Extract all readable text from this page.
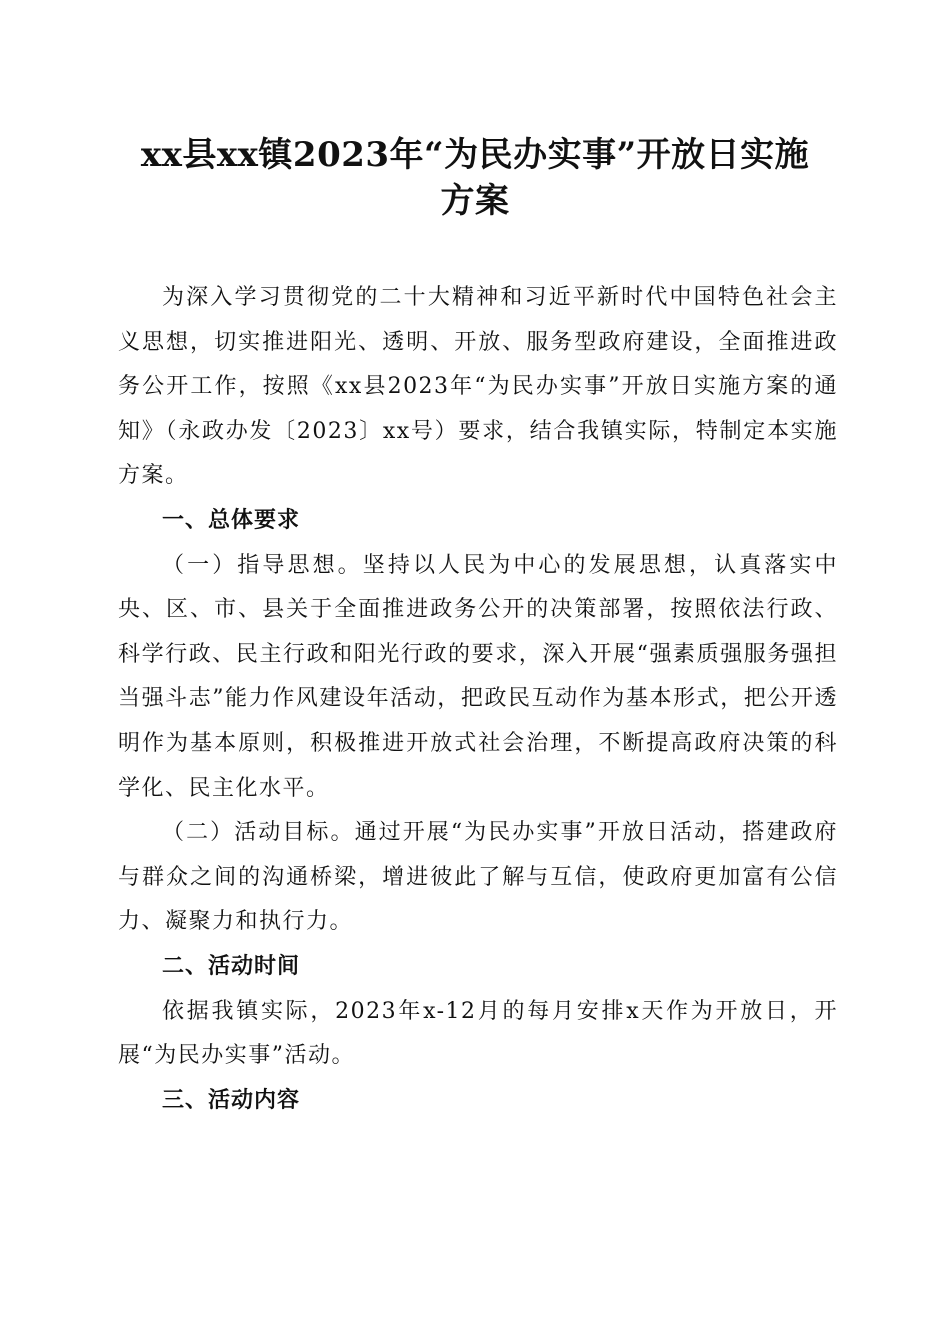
xx县xx镇2023年“为民办实事”开放日实施
方案

为深入学习贯彻党的二十大精神和习近平新时代中国特色社会主义思想，切实推进阳光、透明、开放、服务型政府建设，全面推进政务公开工作，按照《xx县2023年“为民办实事”开放日实施方案的通知》（永政办发〔2023〕xx号）要求，结合我镇实际，特制定本实施方案。

一、总体要求

（一）指导思想。坚持以人民为中心的发展思想，认真落实中央、区、市、县关于全面推进政务公开的决策部署，按照依法行政、科学行政、民主行政和阳光行政的要求，深入开展“强素质强服务强担当强斗志”能力作风建设年活动，把政民互动作为基本形式，把公开透明作为基本原则，积极推进开放式社会治理，不断提高政府决策的科学化、民主化水平。

（二）活动目标。通过开展“为民办实事”开放日活动，搭建政府与群众之间的沟通桥梁，增进彼此了解与互信，使政府更加富有公信力、凝聚力和执行力。

二、活动时间

依据我镇实际，2023年x-12月的每月安排x天作为开放日，开展“为民办实事”活动。

三、活动内容
